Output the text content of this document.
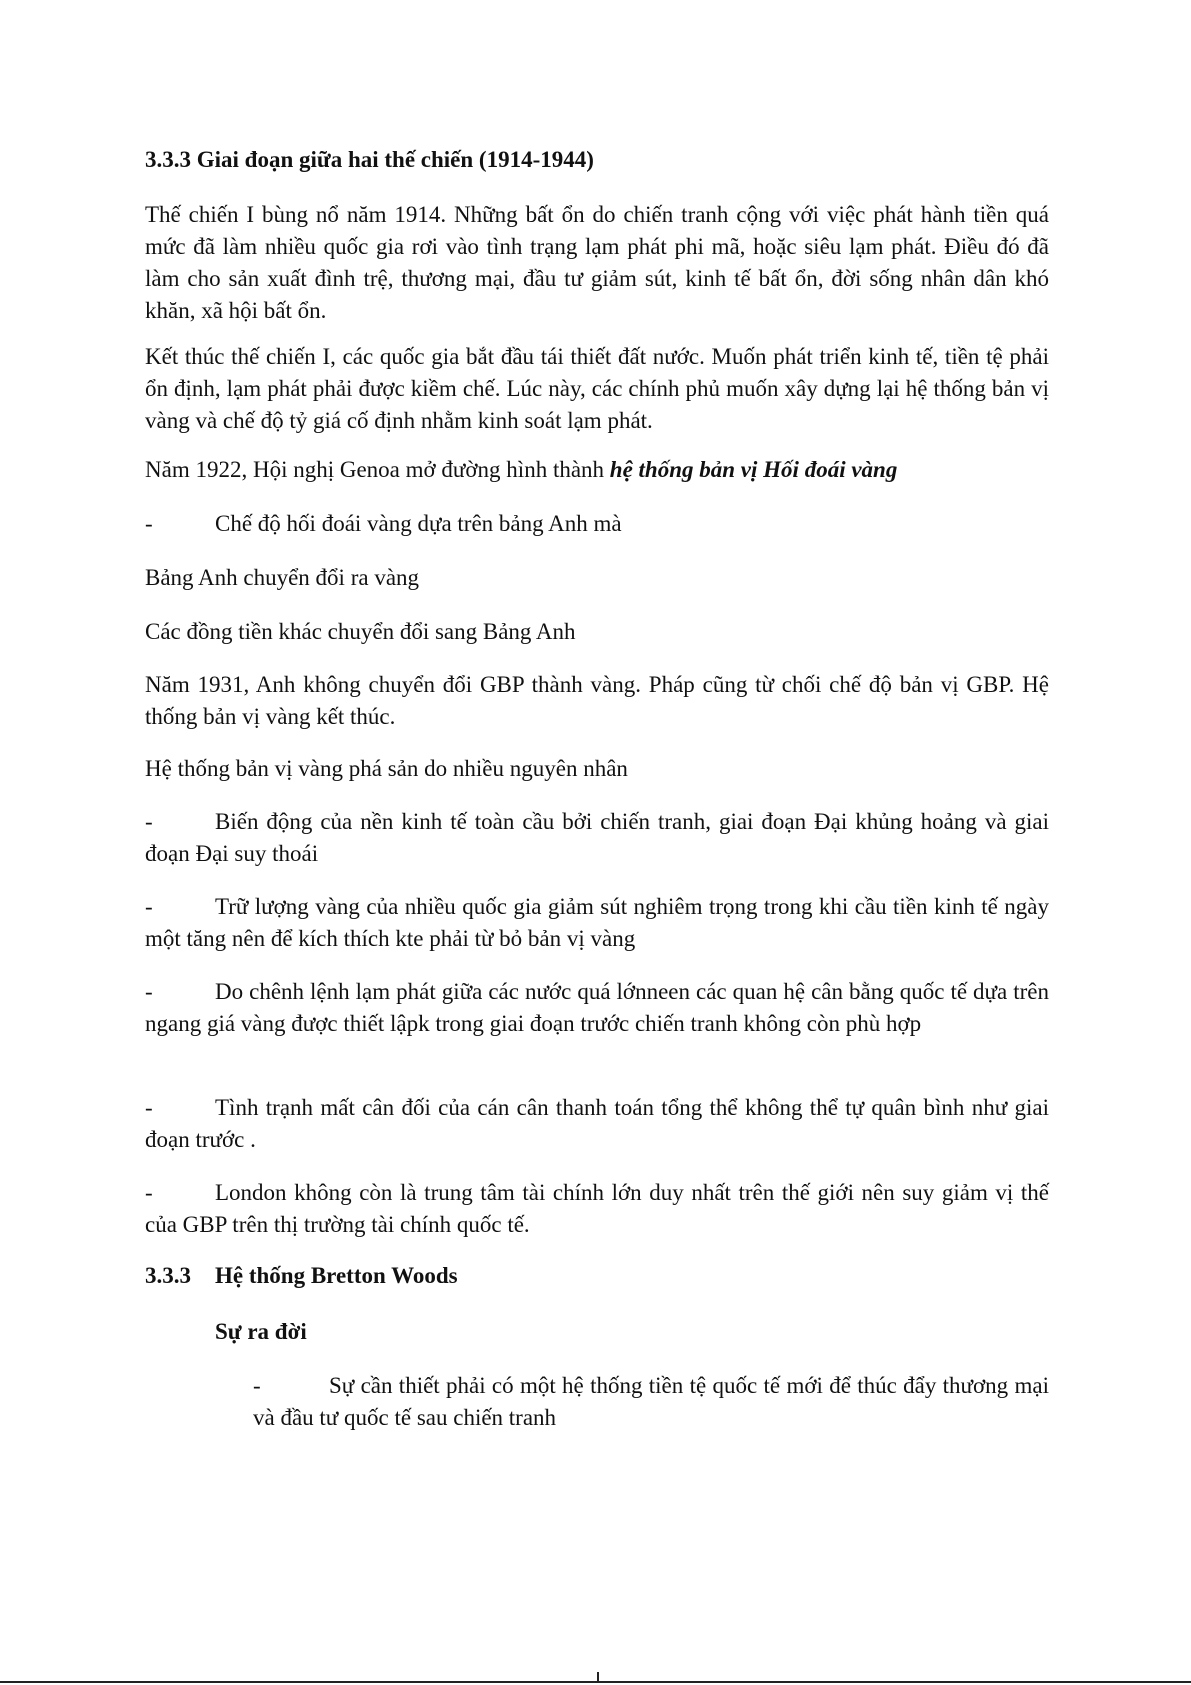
3.3.3 Giai đoạn giữa hai thế chiến (1914-1944)
Thế chiến I bùng nổ năm 1914. Những bất ổn do chiến tranh cộng với việc phát hành tiền quá mức đã làm nhiều quốc gia rơi vào tình trạng lạm phát phi mã, hoặc siêu lạm phát. Điều đó đã làm cho sản xuất đình trệ, thương mại, đầu tư giảm sút, kinh tế bất ổn, đời sống nhân dân khó khăn, xã hội bất ổn.
Kết thúc thế chiến I, các quốc gia bắt đầu tái thiết đất nước. Muốn phát triển kinh tế, tiền tệ phải ổn định, lạm phát phải được kiềm chế. Lúc này, các chính phủ muốn xây dựng lại hệ thống bản vị vàng và chế độ tỷ giá cố định nhằm kinh soát lạm phát.
Năm 1922, Hội nghị Genoa mở đường hình thành hệ thống bản vị Hối đoái vàng
-	Chế độ hối đoái vàng dựa trên bảng Anh mà
Bảng Anh chuyển đổi ra vàng
Các đồng tiền khác chuyển đổi sang Bảng Anh
Năm 1931, Anh không chuyển đổi GBP thành vàng. Pháp cũng từ chối chế độ bản vị GBP. Hệ thống bản vị vàng kết thúc.
Hệ thống bản vị vàng phá sản do nhiều nguyên nhân
-	Biến động của nền kinh tế toàn cầu bởi chiến tranh, giai đoạn Đại khủng hoảng và giai đoạn Đại suy thoái
-	Trữ lượng vàng của nhiều quốc gia giảm sút nghiêm trọng trong khi cầu tiền kinh tế ngày một tăng nên để kích thích kte phải từ bỏ bản vị vàng
-	Do chênh lệnh lạm phát giữa các nước quá lớnneen các quan hệ cân bằng quốc tế dựa trên ngang giá vàng được thiết lậpk trong giai đoạn trước chiến tranh không còn phù hợp
-	Tình trạnh mất cân đối của cán cân thanh toán tổng thể không thể tự quân bình như giai đoạn trước .
-	London không còn là trung tâm tài chính lớn duy nhất trên thế giới nên suy giảm vị thế của GBP trên thị trường tài chính quốc tế.
3.3.3 Hệ thống Bretton Woods
Sự ra đời
-	Sự cần thiết phải có một hệ thống tiền tệ quốc tế mới để thúc đẩy thương mại và đầu tư quốc tế sau chiến tranh
